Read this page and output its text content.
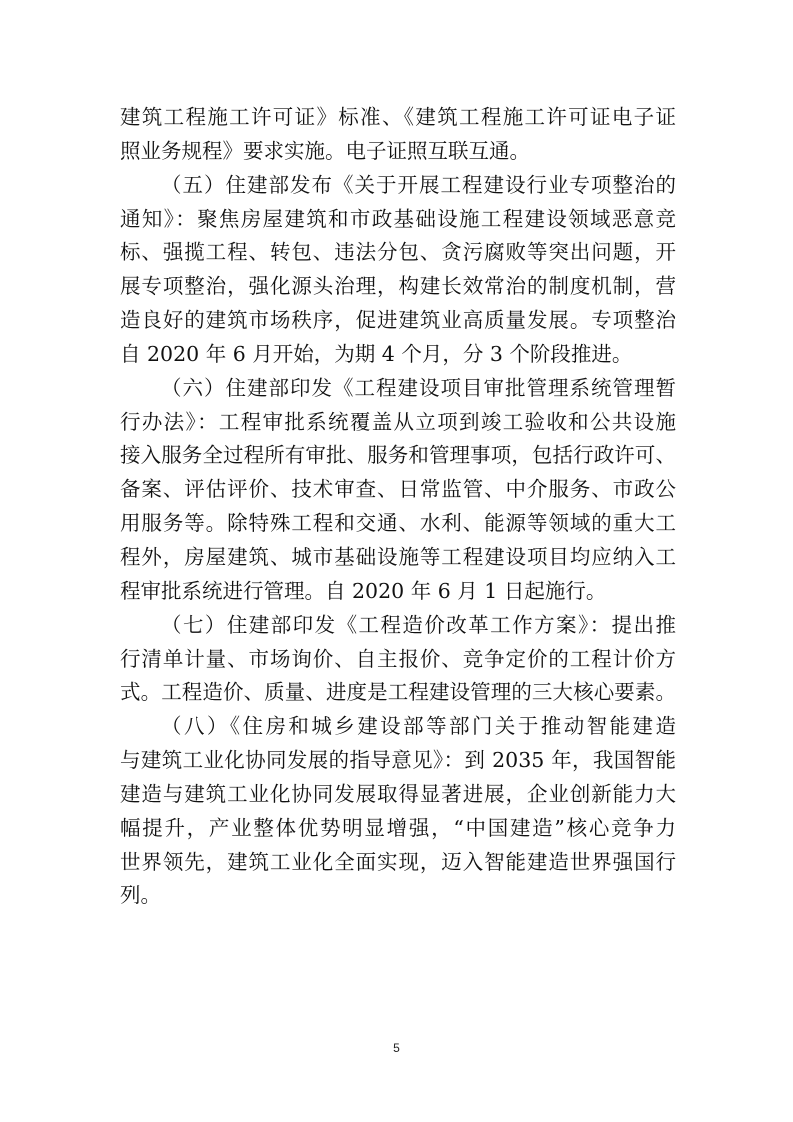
建筑工程施工许可证》标准、《建筑工程施工许可证电子证
照业务规程》要求实施。电子证照互联互通。
（五）住建部发布《关于开展工程建设行业专项整治的
通知》：聚焦房屋建筑和市政基础设施工程建设领域恶意竞
标、强揽工程、转包、违法分包、贪污腐败等突出问题，开
展专项整治，强化源头治理，构建长效常治的制度机制，营
造良好的建筑市场秩序，促进建筑业高质量发展。专项整治
自 2020 年 6 月开始，为期 4 个月，分 3 个阶段推进。
（六）住建部印发《工程建设项目审批管理系统管理暂
行办法》：工程审批系统覆盖从立项到竣工验收和公共设施
接入服务全过程所有审批、服务和管理事项，包括行政许可、
备案、评估评价、技术审查、日常监管、中介服务、市政公
用服务等。除特殊工程和交通、水利、能源等领域的重大工
程外，房屋建筑、城市基础设施等工程建设项目均应纳入工
程审批系统进行管理。自 2020 年 6 月 1 日起施行。
（七）住建部印发《工程造价改革工作方案》：提出推
行清单计量、市场询价、自主报价、竞争定价的工程计价方
式。工程造价、质量、进度是工程建设管理的三大核心要素。
（八）《住房和城乡建设部等部门关于推动智能建造
与建筑工业化协同发展的指导意见》：到 2035 年，我国智能
建造与建筑工业化协同发展取得显著进展，企业创新能力大
幅提升，产业整体优势明显增强，“中国建造”核心竞争力
世界领先，建筑工业化全面实现，迈入智能建造世界强国行
列。
5
